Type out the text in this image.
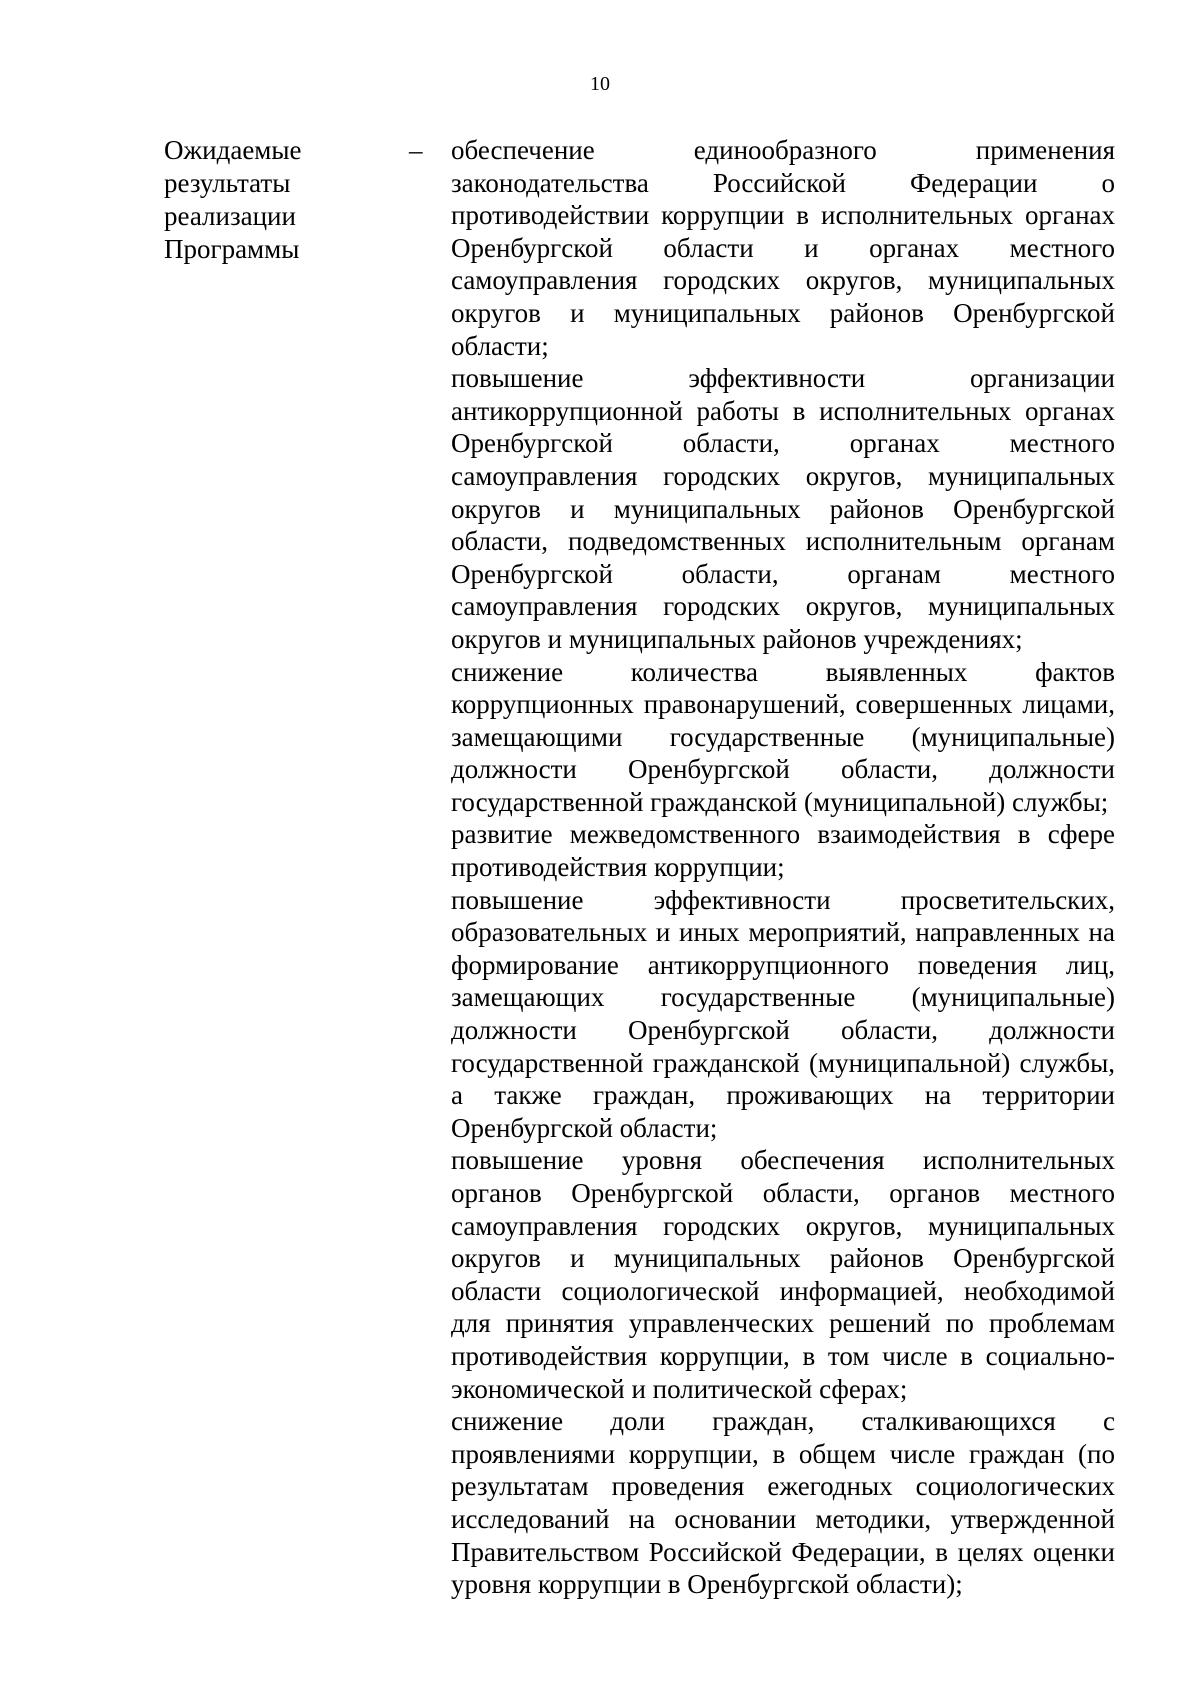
10
Ожидаемые
результаты
реализации
Программы
– обеспечение единообразного применения законодательства Российской Федерации о противодействии коррупции в исполнительных органах Оренбургской области и органах местного самоуправления городских округов, муниципальных округов и муниципальных районов Оренбургской области;

повышение эффективности организации антикоррупционной работы в исполнительных органах Оренбургской области, органах местного самоуправления городских округов, муниципальных округов и муниципальных районов Оренбургской области, подведомственных исполнительным органам Оренбургской области, органам местного самоуправления городских округов, муниципальных округов и муниципальных районов учреждениях;

снижение количества выявленных фактов коррупционных правонарушений, совершенных лицами, замещающими государственные (муниципальные) должности Оренбургской области, должности государственной гражданской (муниципальной) службы;

развитие межведомственного взаимодействия в сфере противодействия коррупции;

повышение эффективности просветительских, образовательных и иных мероприятий, направленных на формирование антикоррупционного поведения лиц, замещающих государственные (муниципальные) должности Оренбургской области, должности государственной гражданской (муниципальной) службы, а также граждан, проживающих на территории Оренбургской области;

повышение уровня обеспечения исполнительных органов Оренбургской области, органов местного самоуправления городских округов, муниципальных округов и муниципальных районов Оренбургской области социологической информацией, необходимой для принятия управленческих решений по проблемам противодействия коррупции, в том числе в социально-экономической и политической сферах;

снижение доли граждан, сталкивающихся с проявлениями коррупции, в общем числе граждан (по результатам проведения ежегодных социологических исследований на основании методики, утвержденной Правительством Российской Федерации, в целях оценки уровня коррупции в Оренбургской области);
